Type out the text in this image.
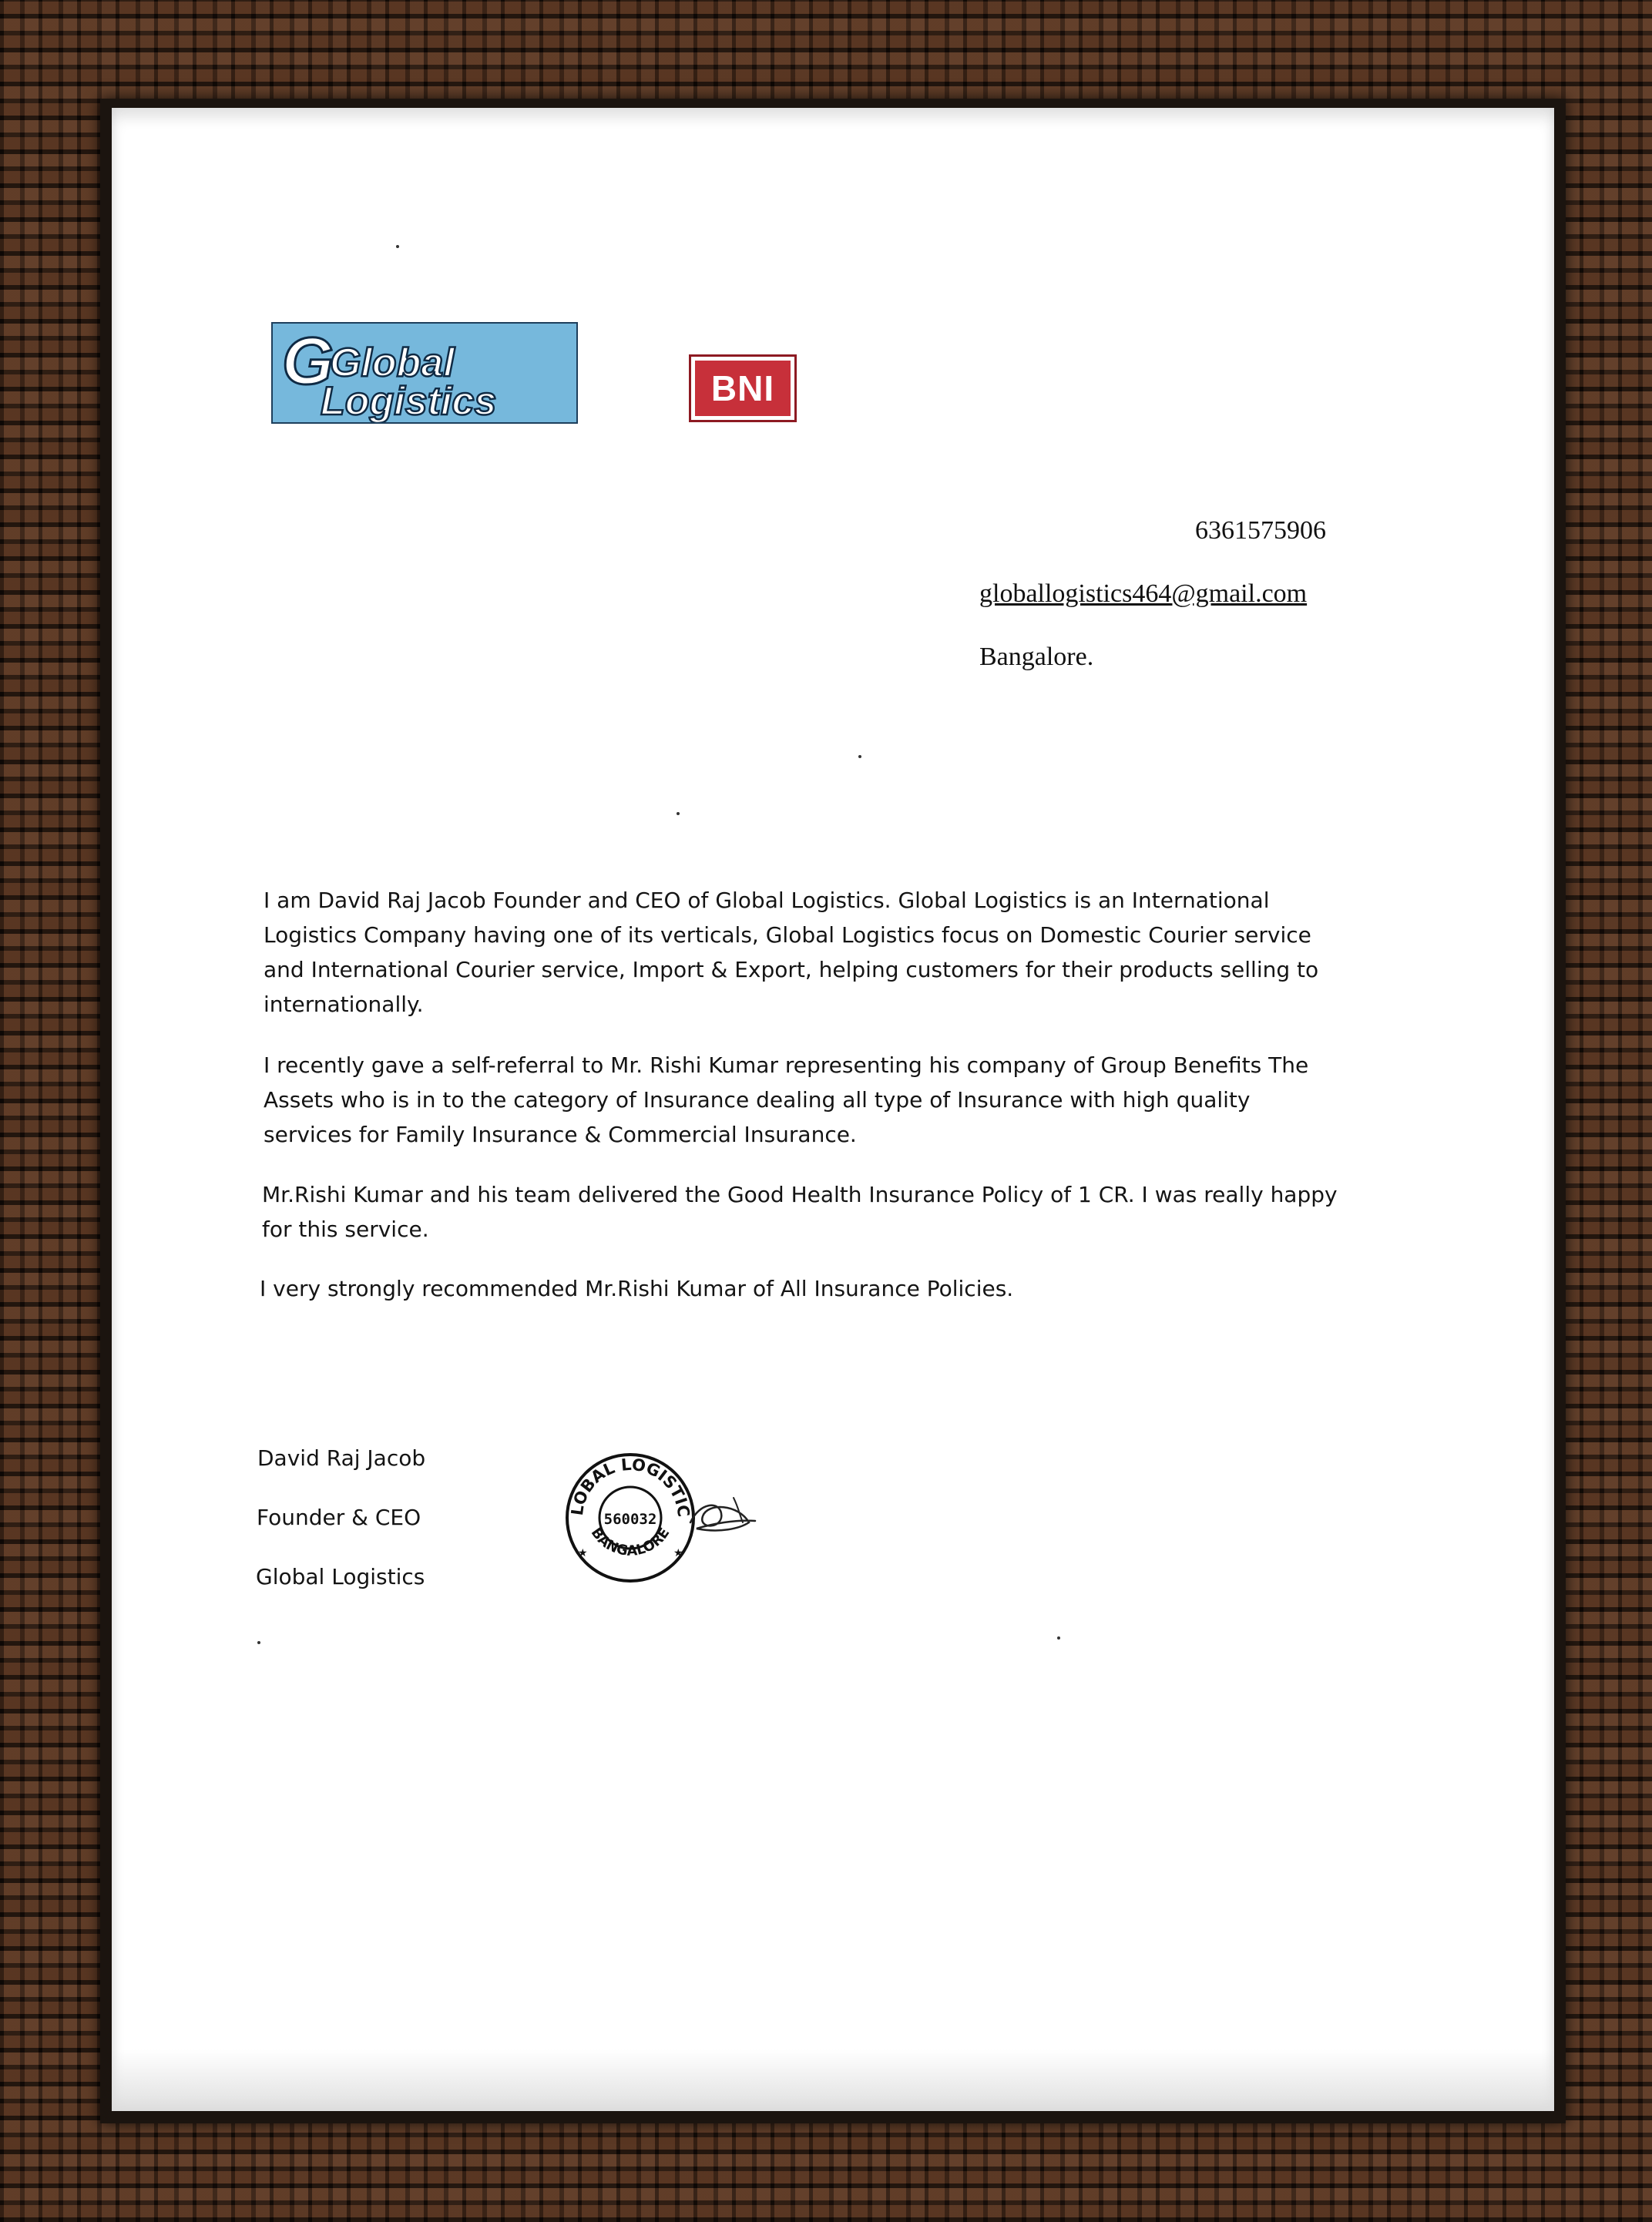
G
Global
Logistics	BNI
6361575906
globallogistics464@gmail.com
Bangalore.
I am David Raj Jacob Founder and CEO of Global Logistics. Global Logistics is an International Logistics Company having one of its verticals, Global Logistics focus on Domestic Courier service and International Courier service, Import & Export, helping customers for their products selling to internationally.
I recently gave a self-referral to Mr. Rishi Kumar representing his company of Group Benefits The Assets who is in to the category of Insurance dealing all type of Insurance with high quality services for Family Insurance & Commercial Insurance.
Mr.Rishi Kumar and his team delivered the Good Health Insurance Policy of 1 CR. I was really happy for this service.
I very strongly recommended Mr.Rishi Kumar of All Insurance Policies.
David Raj Jacob
Founder & CEO
Global Logistics
LOBAL LOGISTIC
BANGALORE
560032
★	★
